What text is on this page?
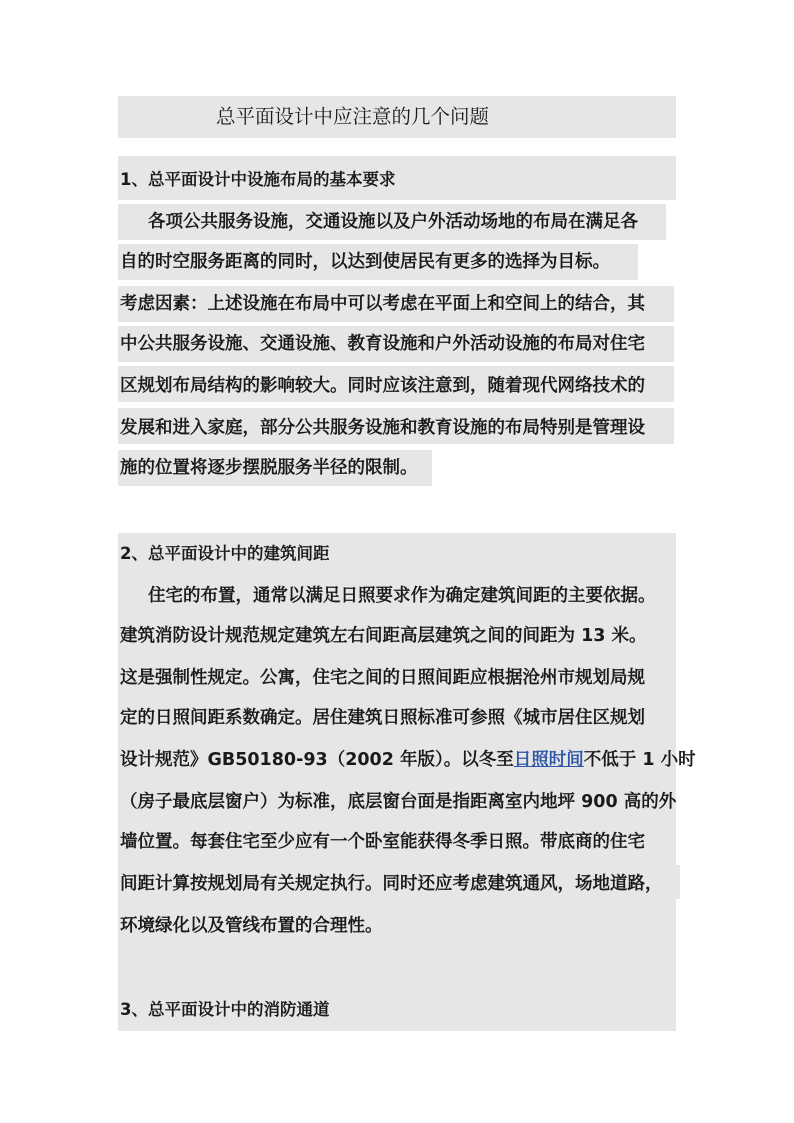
总平面设计中应注意的几个问题
1、总平面设计中设施布局的基本要求
各项公共服务设施，交通设施以及户外活动场地的布局在满足各
自的时空服务距离的同时，以达到使居民有更多的选择为目标。
考虑因素：上述设施在布局中可以考虑在平面上和空间上的结合，其
中公共服务设施、交通设施、教育设施和户外活动设施的布局对住宅
区规划布局结构的影响较大。同时应该注意到，随着现代网络技术的
发展和进入家庭，部分公共服务设施和教育设施的布局特别是管理设
施的位置将逐步摆脱服务半径的限制。
2、总平面设计中的建筑间距
住宅的布置，通常以满足日照要求作为确定建筑间距的主要依据。
建筑消防设计规范规定建筑左右间距高层建筑之间的间距为 13 米。
这是强制性规定。公寓，住宅之间的日照间距应根据沧州市规划局规
定的日照间距系数确定。居住建筑日照标准可参照《城市居住区规划
设计规范》GB50180-93（2002 年版）。以冬至日照时间不低于 1 小时
（房子最底层窗户）为标准，底层窗台面是指距离室内地坪 900 高的外
墙位置。每套住宅至少应有一个卧室能获得冬季日照。带底商的住宅
间距计算按规划局有关规定执行。同时还应考虑建筑通风，场地道路，
环境绿化以及管线布置的合理性。
3、总平面设计中的消防通道
